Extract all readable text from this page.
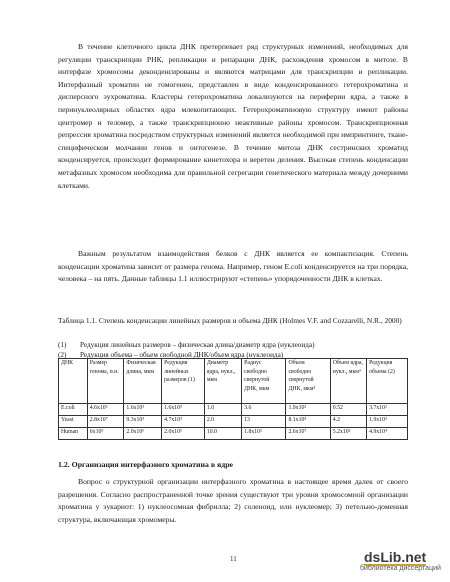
В течение клеточного цикла ДНК претерпевает ряд структурных изменений, необходимых для регуляции транскрипции РНК, репликации и репарации ДНК, расхождения хромосом в митозе. В интерфазе хромосомы деконденсированы и являются матрицами для транскрипции и репликации. Интерфазный хроматин не гомогенен, представлен в виде конденсированного гетерохроматина и дисперсного эухроматина. Кластеры гетерохроматина локализуются на периферии ядра, а также в перинуклеолярных областях ядра млекопитающих. Гетерохроматиновую структуру имеют районы центромер и теломер, а также транскрипционно неактивные районы хромосом. Транскрипционная репрессия хроматина посредством структурных изменений является необходимой при импринтинге, тканe-специфическом молчании генов и онтогенезе. В течение митоза ДНК сестринских хроматид конденсируется, происходит формирование кинетохора и веретен деления. Высокая степень конденсации метафазных хромосом необходима для правильной сегрегации генетического материала между дочерними клетками.

Важным результатом взаимодействия белков с ДНК является ее компактизация. Степень конденсации хроматина зависит от размера генома. Например, геном E.coli конденсируется на три порядка, человека – на пять. Данные таблицы 1.1 иллюстрируют «степень» упорядоченности ДНК в клетках.

Таблица 1.1. Степень конденсации линейных размеров и объема ДНК (Holmes V.F. and Cozzarelli, N.R., 2000)

(1)	Редукция линейных размеров – физическая длина/диаметр ядра (нуклеоида)
(2)	Редукция объема – объем свободной ДНК/объем ядра (нуклеоида)
ДНК	Размер генома, п.н.	Физическая длина, мкм	Редукция линейных размеров (1)	Диаметр ядра, нукл., мкм	Радиус свободно свернутой ДНК, мкм	Объем свободно свернутой ДНК, мкм³	Объем ядра, нукл., мкм³	Редукция объема (2)
E.coli	4.6x10⁶	1.6x10³	1.6x10³	1.0	3.6	1.9x10²	0.52	3.7x10²
Yeast	2.8x10⁷	9.3x10³	4.7x10³	2.0	13	8.1x10³	4.2	1.9x10³
Human	6x10⁹	2.0x10⁶	2.0x10⁵	10.0	1.8x10²	2.6x10⁷	5.2x10²	4.9x10⁴

1.2. Организация интерфазного хроматина в ядре

Вопрос о структурной организации интерфазного хроматина в настоящее время далек от своего разрешения. Согласно распространенной точке зрения существуют три уровня хромосомной организации хроматина у эукариот: 1) нуклеосомная фибрилла; 2) соленоид, или нуклеомер; 3) петельно-доменная структура, включающая хромомеры.

11	dsLib.net
библиотека диссертаций
